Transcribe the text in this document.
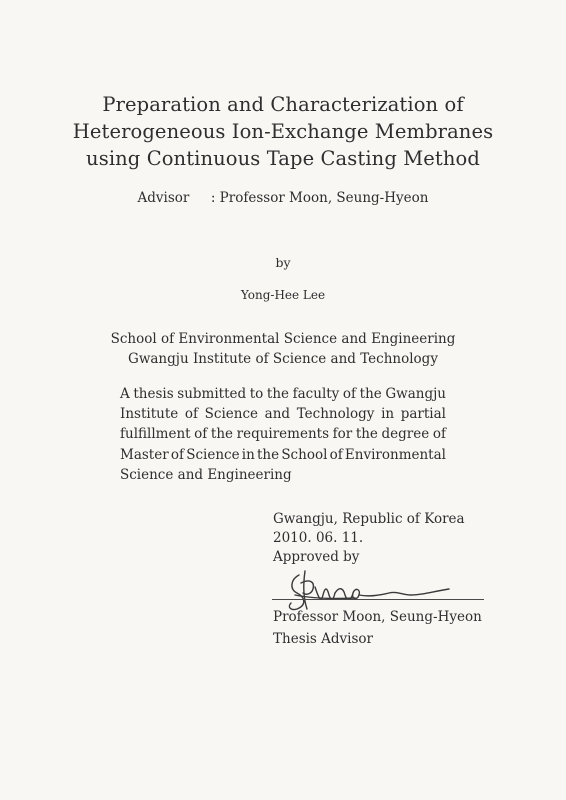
Preparation and Characterization of
Heterogeneous Ion-Exchange Membranes
using Continuous Tape Casting Method
Advisor : Professor Moon, Seung-Hyeon
by
Yong-Hee Lee
School of Environmental Science and Engineering
Gwangju Institute of Science and Technology
A thesis submitted to the faculty of the Gwangju
Institute of Science and Technology in partial
fulfillment of the requirements for the degree of
Master of Science in the School of Environmental
Science and Engineering
Gwangju, Republic of Korea
2010. 06. 11.
Approved by
Professor Moon, Seung-Hyeon
Thesis Advisor
